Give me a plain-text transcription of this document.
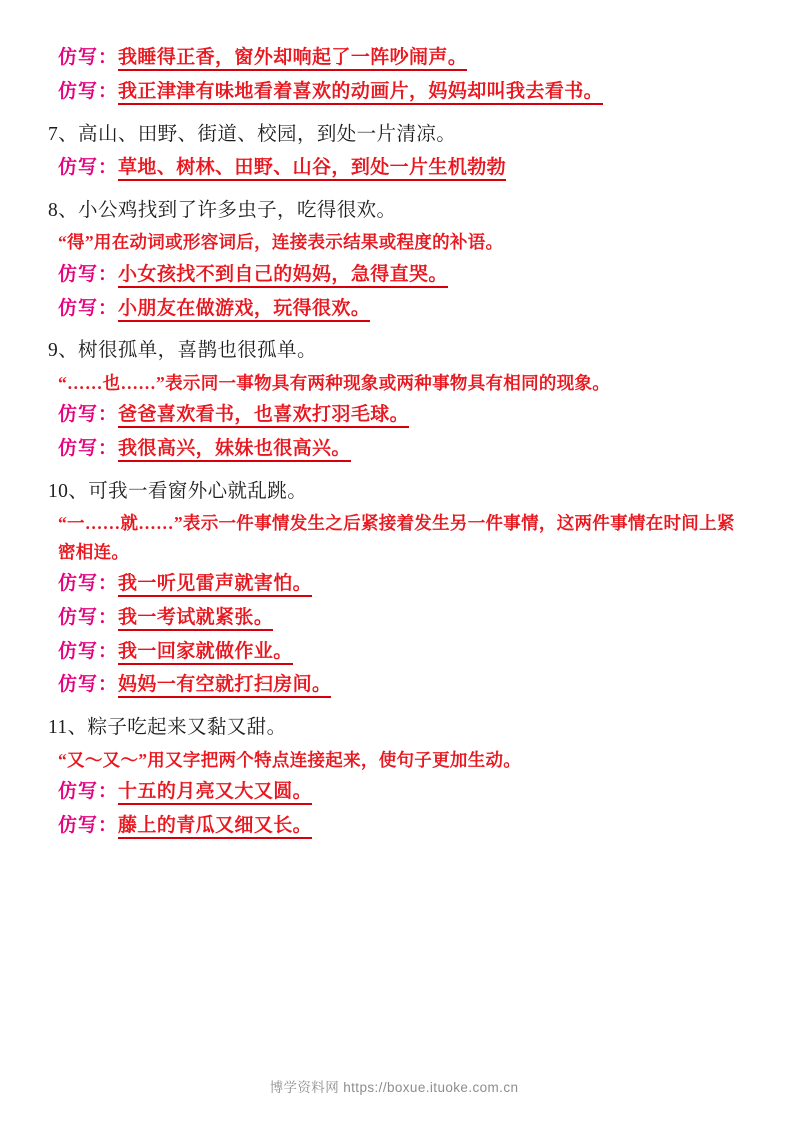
仿写：我睡得正香，窗外却响起了一阵吵闹声。
仿写：我正津津有味地看着喜欢的动画片，妈妈却叫我去看书。
7、高山、田野、街道、校园，到处一片清凉。
仿写：草地、树林、田野、山谷，到处一片生机勃勃
8、小公鸡找到了许多虫子，吃得很欢。
“得”用在动词或形容词后，连接表示结果或程度的补语。
仿写：小女孩找不到自己的妈妈，急得直哭。
仿写：小朋友在做游戏，玩得很欢。
9、树很孤单，喜鹊也很孤单。
“……也……”表示同一事物具有两种现象或两种事物具有相同的现象。
仿写：爸爸喜欢看书，也喜欢打羽毛球。
仿写：我很高兴，妹妹也很高兴。
10、可我一看窗外心就乱跳。
“一……就……”表示一件事情发生之后紧接着发生另一件事情，这两件事情在时间上紧密相连。
仿写：我一听见雷声就害怕。
仿写：我一考试就紧张。
仿写：我一回家就做作业。
仿写：妈妈一有空就打扫房间。
11、粽子吃起来又黏又甜。
“又～又～”用又字把两个特点连接起来，使句子更加生动。
仿写：十五的月亮又大又圆。
仿写：藤上的青瓜又细又长。
博学资料网 https://boxue.ituoke.com.cn
